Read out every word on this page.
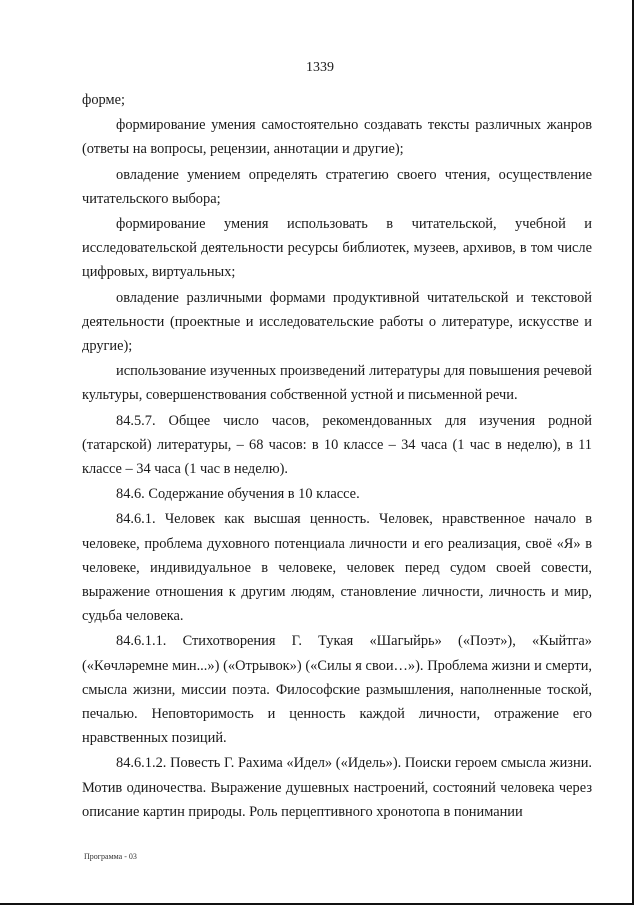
1339

форме;

формирование умения самостоятельно создавать тексты различных жанров (ответы на вопросы, рецензии, аннотации и другие);

овладение умением определять стратегию своего чтения, осуществление читательского выбора;

формирование умения использовать в читательской, учебной и исследовательской деятельности ресурсы библиотек, музеев, архивов, в том числе цифровых, виртуальных;

овладение различными формами продуктивной читательской и текстовой деятельности (проектные и исследовательские работы о литературе, искусстве и другие);

использование изученных произведений литературы для повышения речевой культуры, совершенствования собственной устной и письменной речи.

84.5.7. Общее число часов, рекомендованных для изучения родной (татарской) литературы, – 68 часов: в 10 классе – 34 часа (1 час в неделю), в 11 классе – 34 часа (1 час в неделю).

84.6. Содержание обучения в 10 классе.

84.6.1. Человек как высшая ценность. Человек, нравственное начало в человеке, проблема духовного потенциала личности и его реализация, своё «Я» в человеке, индивидуальное в человеке, человек перед судом своей совести, выражение отношения к другим людям, становление личности, личность и мир, судьба человека.

84.6.1.1. Стихотворения Г. Тукая «Шагыйрь» («Поэт»), «Кыйтга» («Көчләремне мин...») («Отрывок») («Силы я свои…»). Проблема жизни и смерти, смысла жизни, миссии поэта. Философские размышления, наполненные тоской, печалью. Неповторимость и ценность каждой личности, отражение его нравственных позиций.

84.6.1.2. Повесть Г. Рахима «Идел» («Идель»). Поиски героем смысла жизни. Мотив одиночества. Выражение душевных настроений, состояний человека через описание картин природы. Роль перцептивного хронотопа в понимании

Программа - 03
